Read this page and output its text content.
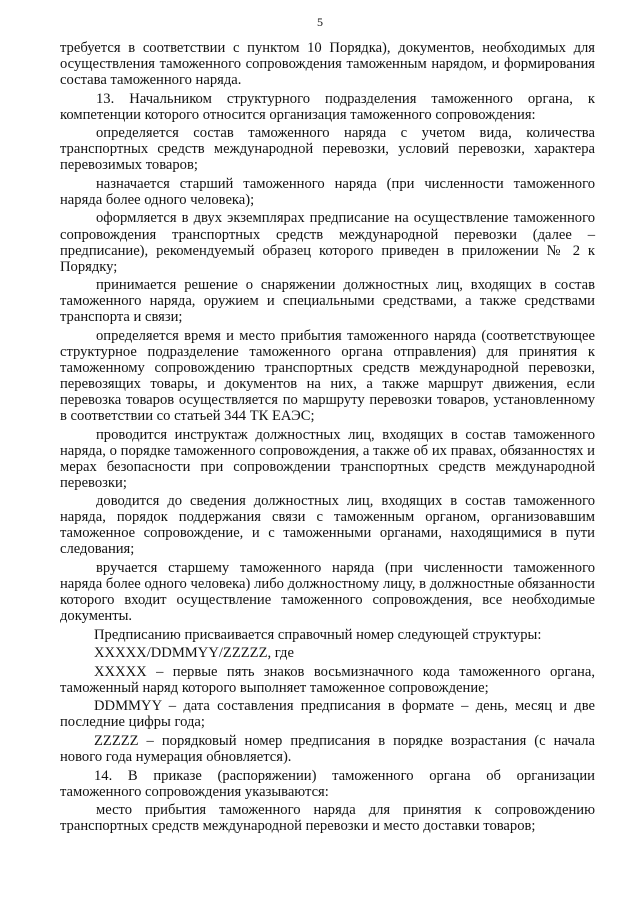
5

требуется в соответствии с пунктом 10 Порядка), документов, необходимых для осуществления таможенного сопровождения таможенным нарядом, и формирования состава таможенного наряда.

13. Начальником структурного подразделения таможенного органа, к компетенции которого относится организация таможенного сопровождения:

определяется состав таможенного наряда с учетом вида, количества транспортных средств международной перевозки, условий перевозки, характера перевозимых товаров;

назначается старший таможенного наряда (при численности таможенного наряда более одного человека);

оформляется в двух экземплярах предписание на осуществление таможенного сопровождения транспортных средств международной перевозки (далее – предписание), рекомендуемый образец которого приведен в приложении № 2 к Порядку;

принимается решение о снаряжении должностных лиц, входящих в состав таможенного наряда, оружием и специальными средствами, а также средствами транспорта и связи;

определяется время и место прибытия таможенного наряда (соответствующее структурное подразделение таможенного органа отправления) для принятия к таможенному сопровождению транспортных средств международной перевозки, перевозящих товары, и документов на них, а также маршрут движения, если перевозка товаров осуществляется по маршруту перевозки товаров, установленному в соответствии со статьей 344 ТК ЕАЭС;

проводится инструктаж должностных лиц, входящих в состав таможенного наряда, о порядке таможенного сопровождения, а также об их правах, обязанностях и мерах безопасности при сопровождении транспортных средств международной перевозки;

доводится до сведения должностных лиц, входящих в состав таможенного наряда, порядок поддержания связи с таможенным органом, организовавшим таможенное сопровождение, и с таможенными органами, находящимися в пути следования;

вручается старшему таможенного наряда (при численности таможенного наряда более одного человека) либо должностному лицу, в должностные обязанности которого входит осуществление таможенного сопровождения, все необходимые документы.

Предписанию присваивается справочный номер следующей структуры:

XXXXX/DDMMYY/ZZZZZ, где

XXXXX – первые пять знаков восьмизначного кода таможенного органа, таможенный наряд которого выполняет таможенное сопровождение;

DDMMYY – дата составления предписания в формате – день, месяц и две последние цифры года;

ZZZZZ – порядковый номер предписания в порядке возрастания (с начала нового года нумерация обновляется).

14. В приказе (распоряжении) таможенного органа об организации таможенного сопровождения указываются:

место прибытия таможенного наряда для принятия к сопровождению транспортных средств международной перевозки и место доставки товаров;
